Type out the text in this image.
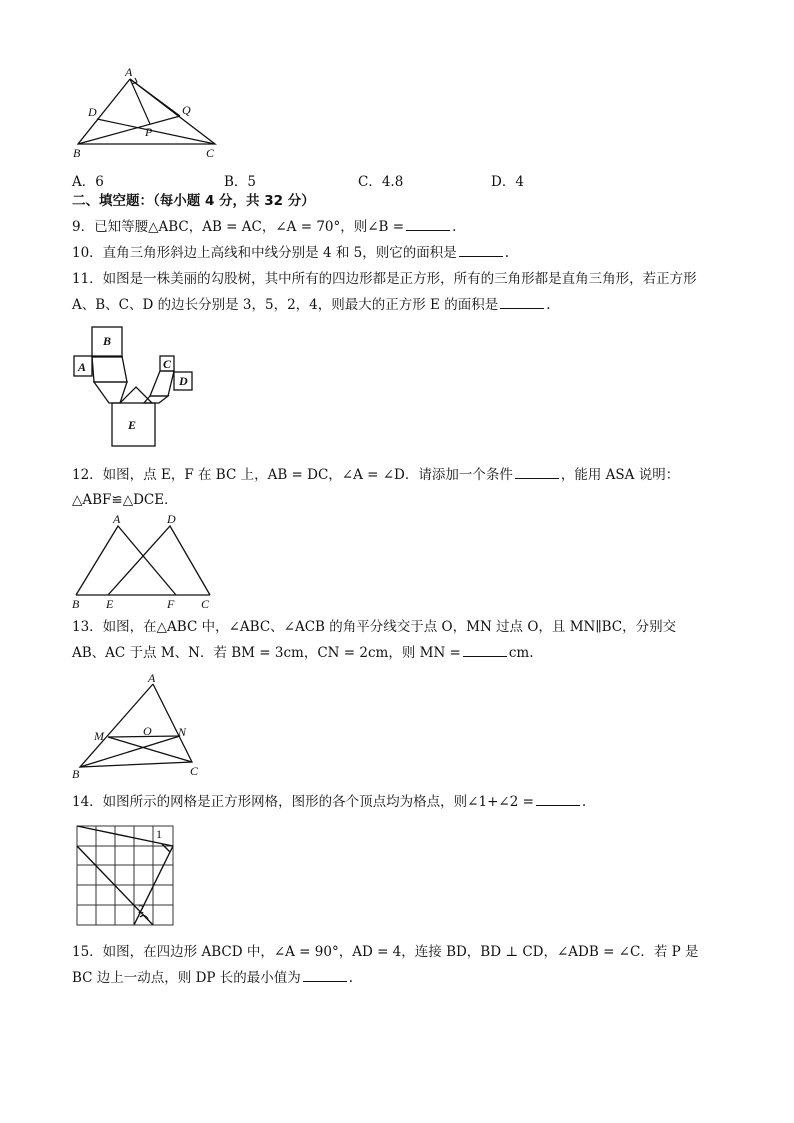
A
D	Q
P
B	C
A．6	B．5	C．4.8	D．4
二、填空题：（每小题 4 分，共 32 分）
9．已知等腰△ABC，AB = AC，∠A = 70°，则∠B =	.
10．直角三角形斜边上高线和中线分别是 4 和 5，则它的面积是	.
11．如图是一株美丽的勾股树，其中所有的四边形都是正方形，所有的三角形都是直角三角形，若正方形
A、B、C、D 的边长分别是 3，5，2，4，则最大的正方形 E 的面积是	.
A
B
C
D
E
12．如图，点 E，F 在 BC 上，AB = DC，∠A = ∠D．请添加一个条件	，能用 ASA 说明：
△ABF≌△DCE．
A	D
B E	F C
13．如图，在△ABC 中，∠ABC、∠ACB 的角平分线交于点 O，MN 过点 O，且 MN∥BC，分别交
AB、AC 于点 M、N．若 BM = 3cm，CN = 2cm，则 MN =	cm.
A
M	O N
B	C
14．如图所示的网格是正方形网格，图形的各个顶点均为格点，则∠1+∠2 =	.
1
2
15．如图，在四边形 ABCD 中，∠A = 90°，AD = 4，连接 BD，BD ⊥ CD，∠ADB = ∠C．若 P 是
BC 边上一动点，则 DP 长的最小值为	.
